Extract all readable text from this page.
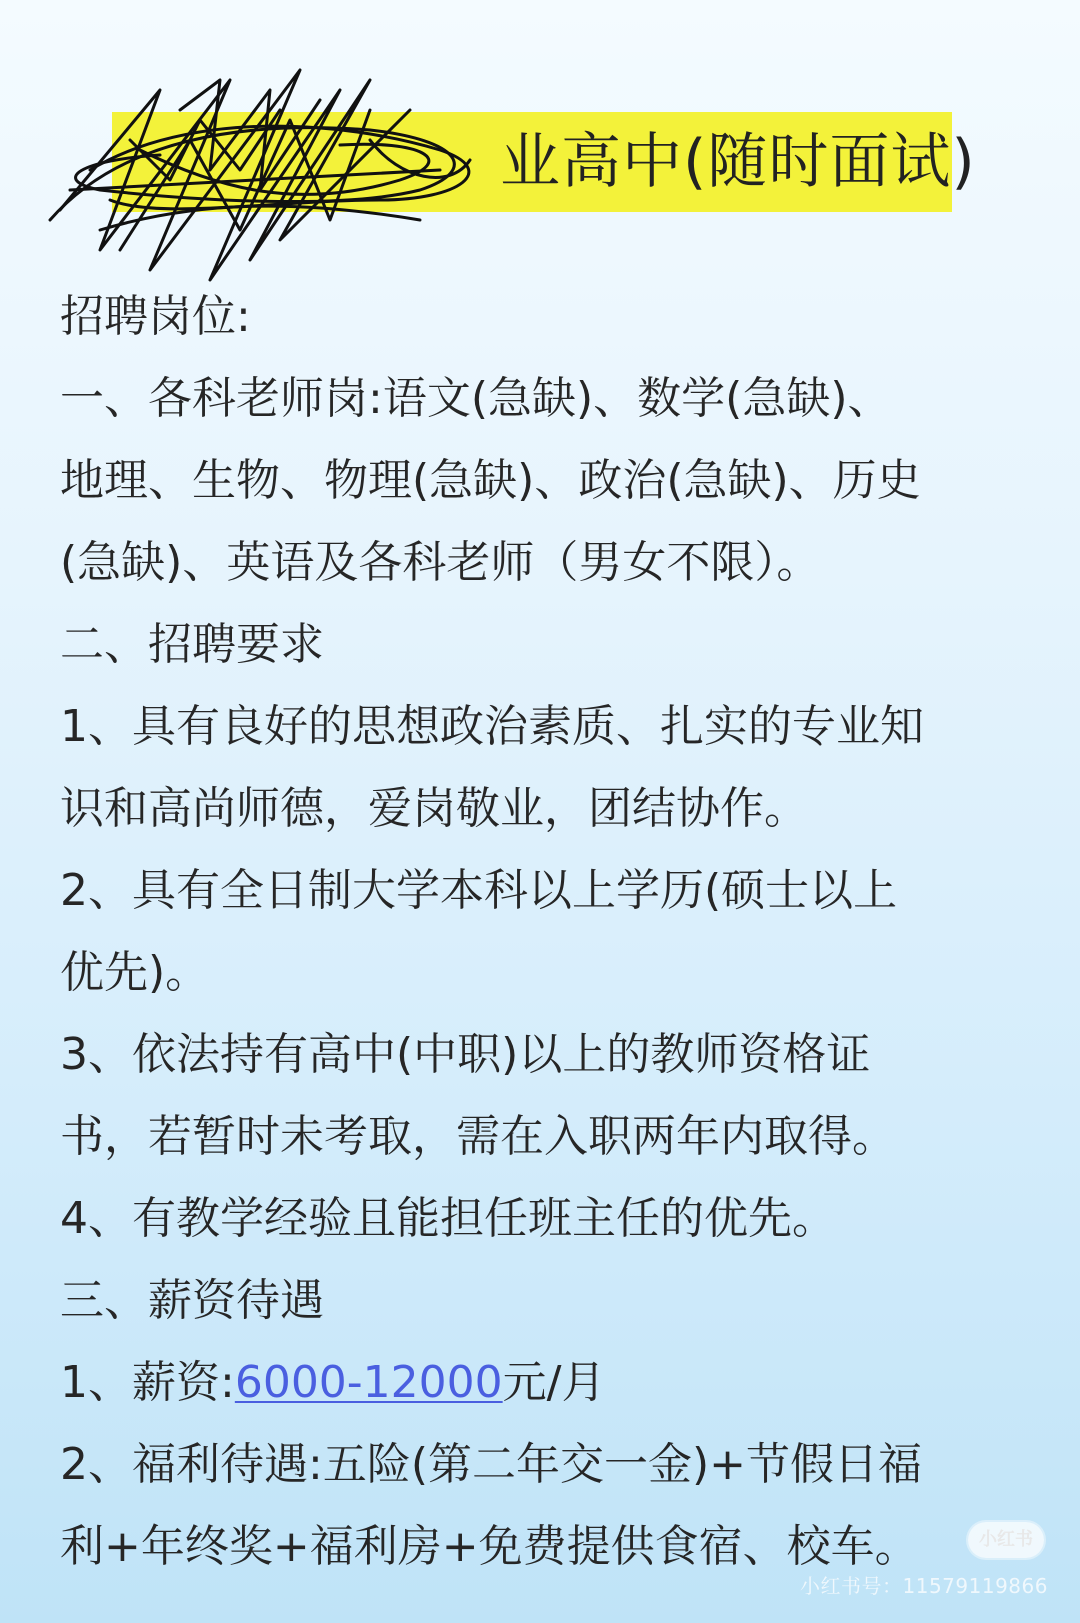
业高中(随时面试)
招聘岗位:
一、各科老师岗:语文(急缺)、数学(急缺)、
地理、生物、物理(急缺)、政治(急缺)、历史
(急缺)、英语及各科老师（男女不限）。
二、招聘要求
1、具有良好的思想政治素质、扎实的专业知
识和高尚师德，爱岗敬业，团结协作。
2、具有全日制大学本科以上学历(硕士以上
优先)。
3、依法持有高中(中职)以上的教师资格证
书，若暂时未考取，需在入职两年内取得。
4、有教学经验且能担任班主任的优先。
三、薪资待遇
1、薪资:6000-12000元/月
2、福利待遇:五险(第二年交一金)+节假日福
利+年终奖+福利房+免费提供食宿、校车。	小红书
小红书号：11579119866
